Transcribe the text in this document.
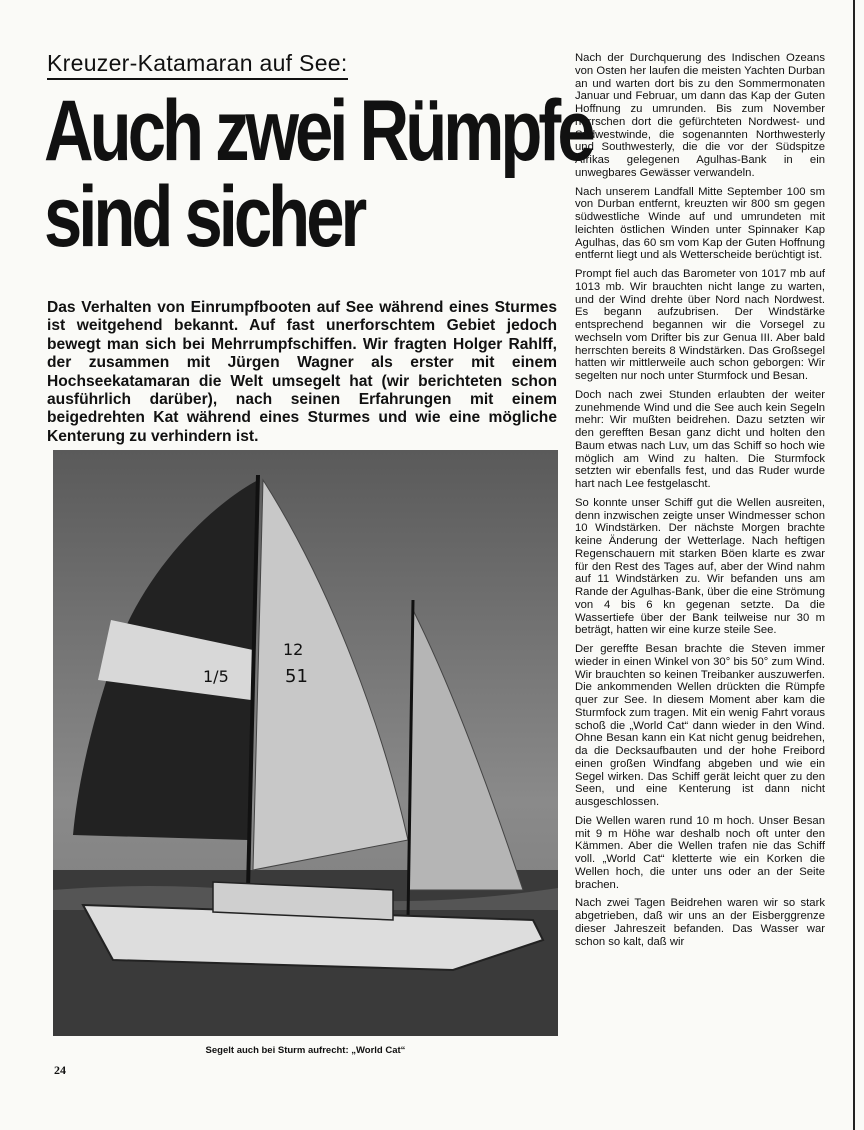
Kreuzer-Katamaran auf See:
Auch zwei Rümpfe
sind sicher
Das Verhalten von Einrumpfbooten auf See während eines Sturmes ist weitgehend bekannt. Auf fast unerforschtem Gebiet jedoch bewegt man sich bei Mehrrumpfschiffen. Wir fragten Holger Rahlff, der zusammen mit Jürgen Wagner als erster mit einem Hochseekatamaran die Welt umsegelt hat (wir berichteten schon ausführlich darüber), nach seinen Erfahrungen mit einem beigedrehten Kat während eines Sturmes und wie eine mögliche Kenterung zu verhindern ist.
1/5
12
51
Segelt auch bei Sturm aufrecht: „World Cat“
24

Nach der Durchquerung des Indischen Ozeans von Osten her laufen die meisten Yachten Durban an und warten dort bis zu den Sommermonaten Januar und Februar, um dann das Kap der Guten Hoffnung zu umrunden. Bis zum November herrschen dort die gefürchteten Nordwest- und Südwestwinde, die sogenannten Northwesterly und Southwesterly, die die vor der Südspitze Afrikas gelegenen Agulhas-Bank in ein unwegbares Gewässer verwandeln.

Nach unserem Landfall Mitte September 100 sm von Durban entfernt, kreuzten wir 800 sm gegen südwestliche Winde auf und umrundeten mit leichten östlichen Winden unter Spinnaker Kap Agulhas, das 60 sm vom Kap der Guten Hoffnung entfernt liegt und als Wetterscheide berüchtigt ist.

Prompt fiel auch das Barometer von 1017 mb auf 1013 mb. Wir brauchten nicht lange zu warten, und der Wind drehte über Nord nach Nordwest. Es begann aufzubrisen. Der Windstärke entsprechend begannen wir die Vorsegel zu wechseln vom Drifter bis zur Genua III. Aber bald herrschten bereits 8 Windstärken. Das Großsegel hatten wir mittlerweile auch schon geborgen: Wir segelten nur noch unter Sturmfock und Besan.

Doch nach zwei Stunden erlaubten der weiter zunehmende Wind und die See auch kein Segeln mehr: Wir mußten beidrehen. Dazu setzten wir den gerefften Besan ganz dicht und holten den Baum etwas nach Luv, um das Schiff so hoch wie möglich am Wind zu halten. Die Sturmfock setzten wir ebenfalls fest, und das Ruder wurde hart nach Lee festgelascht.

So konnte unser Schiff gut die Wellen ausreiten, denn inzwischen zeigte unser Windmesser schon 10 Windstärken. Der nächste Morgen brachte keine Änderung der Wetterlage. Nach heftigen Regenschauern mit starken Böen klarte es zwar für den Rest des Tages auf, aber der Wind nahm auf 11 Windstärken zu. Wir befanden uns am Rande der Agulhas-Bank, über die eine Strömung von 4 bis 6 kn gegenan setzte. Da die Wassertiefe über der Bank teilweise nur 30 m beträgt, hatten wir eine kurze steile See.

Der gereffte Besan brachte die Steven immer wieder in einen Winkel von 30° bis 50° zum Wind. Wir brauchten so keinen Treibanker auszuwerfen. Die ankommenden Wellen drückten die Rümpfe quer zur See. In diesem Moment aber kam die Sturmfock zum tragen. Mit ein wenig Fahrt voraus schoß die „World Cat“ dann wieder in den Wind. Ohne Besan kann ein Kat nicht genug beidrehen, da die Decksaufbauten und der hohe Freibord einen großen Windfang abgeben und wie ein Segel wirken. Das Schiff gerät leicht quer zu den Seen, und eine Kenterung ist dann nicht ausgeschlossen.

Die Wellen waren rund 10 m hoch. Unser Besan mit 9 m Höhe war deshalb noch oft unter den Kämmen. Aber die Wellen trafen nie das Schiff voll. „World Cat“ kletterte wie ein Korken die Wellen hoch, die unter uns oder an der Seite brachen.

Nach zwei Tagen Beidrehen waren wir so stark abgetrieben, daß wir uns an der Eisberggrenze dieser Jahreszeit befanden. Das Wasser war schon so kalt, daß wir
